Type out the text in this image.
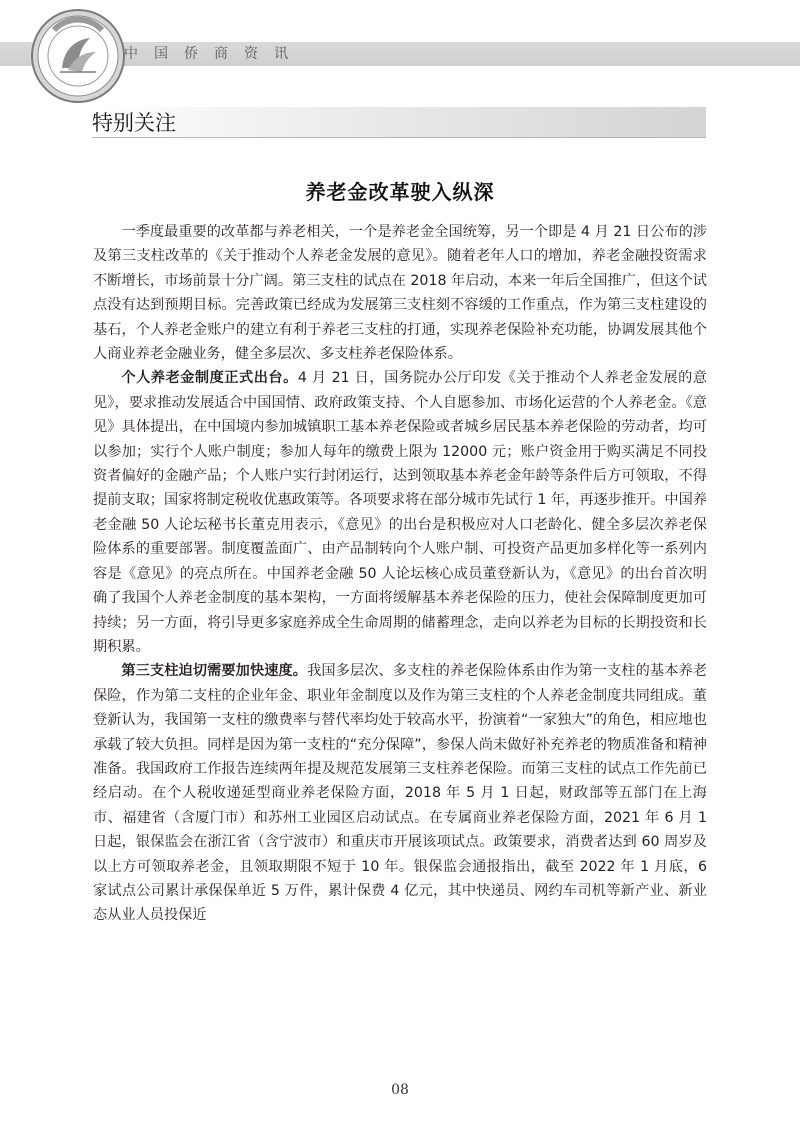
中国侨商资讯
特别关注
养老金改革驶入纵深

一季度最重要的改革都与养老相关，一个是养老金全国统筹，另一个即是 4 月 21 日公布的涉及第三支柱改革的《关于推动个人养老金发展的意见》。随着老年人口的增加，养老金融投资需求不断增长，市场前景十分广阔。第三支柱的试点在 2018 年启动，本来一年后全国推广，但这个试点没有达到预期目标。完善政策已经成为发展第三支柱刻不容缓的工作重点，作为第三支柱建设的基石，个人养老金账户的建立有利于养老三支柱的打通，实现养老保险补充功能，协调发展其他个人商业养老金融业务，健全多层次、多支柱养老保险体系。

个人养老金制度正式出台。4 月 21 日，国务院办公厅印发《关于推动个人养老金发展的意见》，要求推动发展适合中国国情、政府政策支持、个人自愿参加、市场化运营的个人养老金。《意见》具体提出，在中国境内参加城镇职工基本养老保险或者城乡居民基本养老保险的劳动者，均可以参加；实行个人账户制度；参加人每年的缴费上限为 12000 元；账户资金用于购买满足不同投资者偏好的金融产品；个人账户实行封闭运行，达到领取基本养老金年龄等条件后方可领取，不得提前支取；国家将制定税收优惠政策等。各项要求将在部分城市先试行 1 年，再逐步推开。中国养老金融 50 人论坛秘书长董克用表示，《意见》的出台是积极应对人口老龄化、健全多层次养老保险体系的重要部署。制度覆盖面广、由产品制转向个人账户制、可投资产品更加多样化等一系列内容是《意见》的亮点所在。中国养老金融 50 人论坛核心成员董登新认为，《意见》的出台首次明确了我国个人养老金制度的基本架构，一方面将缓解基本养老保险的压力，使社会保障制度更加可持续；另一方面，将引导更多家庭养成全生命周期的储蓄理念，走向以养老为目标的长期投资和长期积累。

第三支柱迫切需要加快速度。我国多层次、多支柱的养老保险体系由作为第一支柱的基本养老保险，作为第二支柱的企业年金、职业年金制度以及作为第三支柱的个人养老金制度共同组成。董登新认为，我国第一支柱的缴费率与替代率均处于较高水平，扮演着“一家独大”的角色，相应地也承载了较大负担。同样是因为第一支柱的“充分保障”，参保人尚未做好补充养老的物质准备和精神准备。我国政府工作报告连续两年提及规范发展第三支柱养老保险。而第三支柱的试点工作先前已经启动。在个人税收递延型商业养老保险方面，2018 年 5 月 1 日起，财政部等五部门在上海市、福建省（含厦门市）和苏州工业园区启动试点。在专属商业养老保险方面，2021 年 6 月 1 日起，银保监会在浙江省（含宁波市）和重庆市开展该项试点。政策要求，消费者达到 60 周岁及以上方可领取养老金，且领取期限不短于 10 年。银保监会通报指出，截至 2022 年 1 月底，6 家试点公司累计承保保单近 5 万件，累计保费 4 亿元，其中快递员、网约车司机等新产业、新业态从业人员投保近

08
